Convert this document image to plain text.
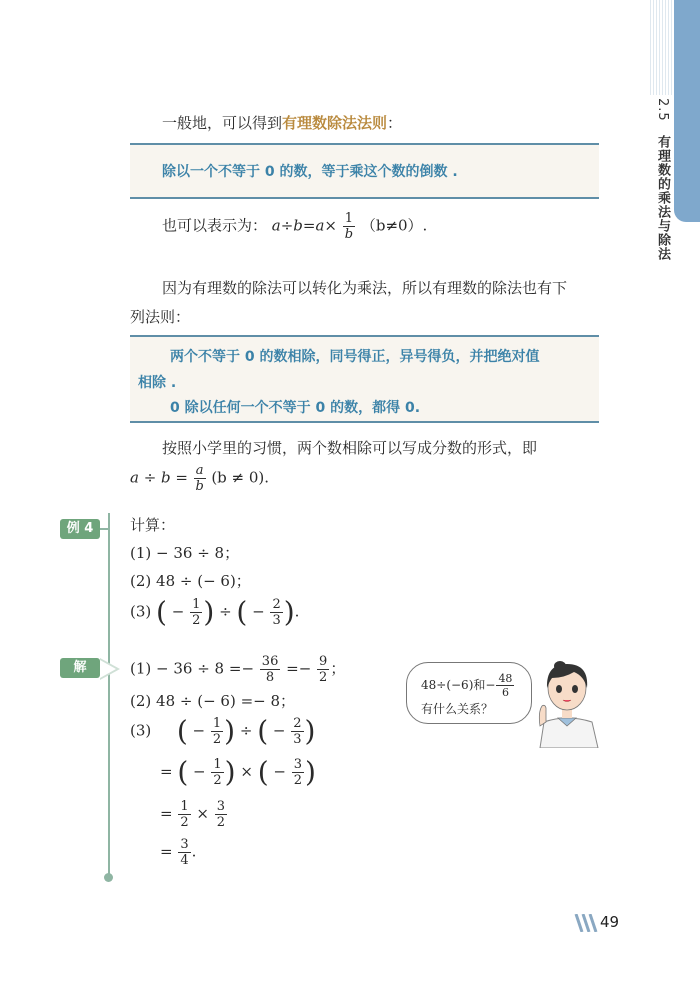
2.5 有理数的乘法与除法
一般地，可以得到有理数除法法则：
除以一个不等于 0 的数，等于乘这个数的倒数 .
也可以表示为： $a\div b=a\times \frac{1}{b} (b\ne 0)$.
因为有理数的除法可以转化为乘法，所以有理数的除法也有下
列法则：
两个不等于 0 的数相除，同号得正，异号得负，并把绝对值
相除 .
0 除以任何一个不等于 0 的数，都得 0.
按照小学里的习惯，两个数相除可以写成分数的形式，即
$a \div b = \frac{a}{b} (b \ne 0)$.
例 4
解
计算：
(1) − 36 ÷ 8；
(2) 48 ÷ (− 6)；
(3) ( − $\frac{1}{2}$ ) ÷ ( − $\frac{2}{3}$ ).
$(1) - 36 \div 8 =- \frac{36}{8} =- \frac{9}{2}$ ；
(2) 48 ÷ (− 6) =− 8；
(3) ( − $\frac{1}{2}$ ) ÷ ( − $\frac{2}{3}$ )
= ( − $\frac{1}{2}$ ) × ( − $\frac{3}{2}$ )
= $\frac{1}{2} \times \frac{3}{2}$
= $\frac{3}{4}$ .
48÷(−6)和− $\frac{48}{6}$
有什么关系？
49
